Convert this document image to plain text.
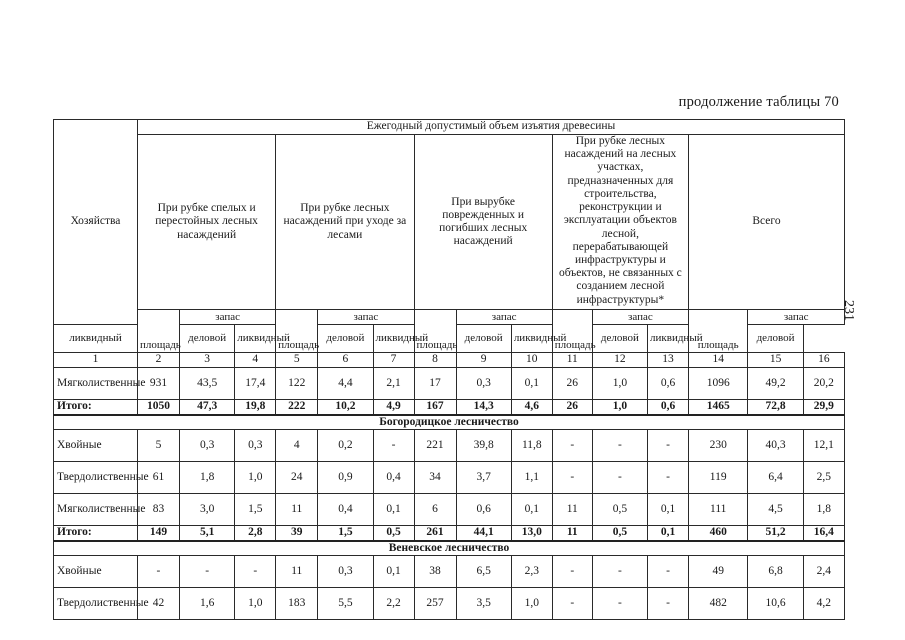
продолжение таблицы 70
231
Хозяйства	Ежегодный допустимый объем изъятия древесины														
	При рубке спелых и перестойных лесных насаждений			При рубке лесных насаждений при уходе за лесами			При вырубке поврежденных и погибших лесных насаждений			При рубке лесных насаждений на лесных участках, предназначенных для строительства, реконструкции и эксплуатации объектов лесной, перерабатывающей инфраструктуры и объектов, не связанных с созданием лесной инфраструктуры*			Всего		
	площадь	запас		площадь	запас		площадь	запас		площадь	запас		площадь	запас	
ликвидный		деловой	ликвидный		деловой	ликвидный		деловой	ликвидный		деловой	ликвидный		деловой	
1	2	3	4	5	6	7	8	9	10	11	12	13	14	15	16
Мягколиственные	931	43,5	17,4	122	4,4	2,1	17	0,3	0,1	26	1,0	0,6	1096	49,2	20,2
Итого:	1050	47,3	19,8	222	10,2	4,9	167	14,3	4,6	26	1,0	0,6	1465	72,8	29,9
Богородицкое лесничество															
Хвойные	5	0,3	0,3	4	0,2	-	221	39,8	11,8	-	-	-	230	40,3	12,1
Твердолиственные	61	1,8	1,0	24	0,9	0,4	34	3,7	1,1	-	-	-	119	6,4	2,5
Мягколиственные	83	3,0	1,5	11	0,4	0,1	6	0,6	0,1	11	0,5	0,1	111	4,5	1,8
Итого:	149	5,1	2,8	39	1,5	0,5	261	44,1	13,0	11	0,5	0,1	460	51,2	16,4
Веневское лесничество															
Хвойные	-	-	-	11	0,3	0,1	38	6,5	2,3	-	-	-	49	6,8	2,4
Твердолиственные	42	1,6	1,0	183	5,5	2,2	257	3,5	1,0	-	-	-	482	10,6	4,2
